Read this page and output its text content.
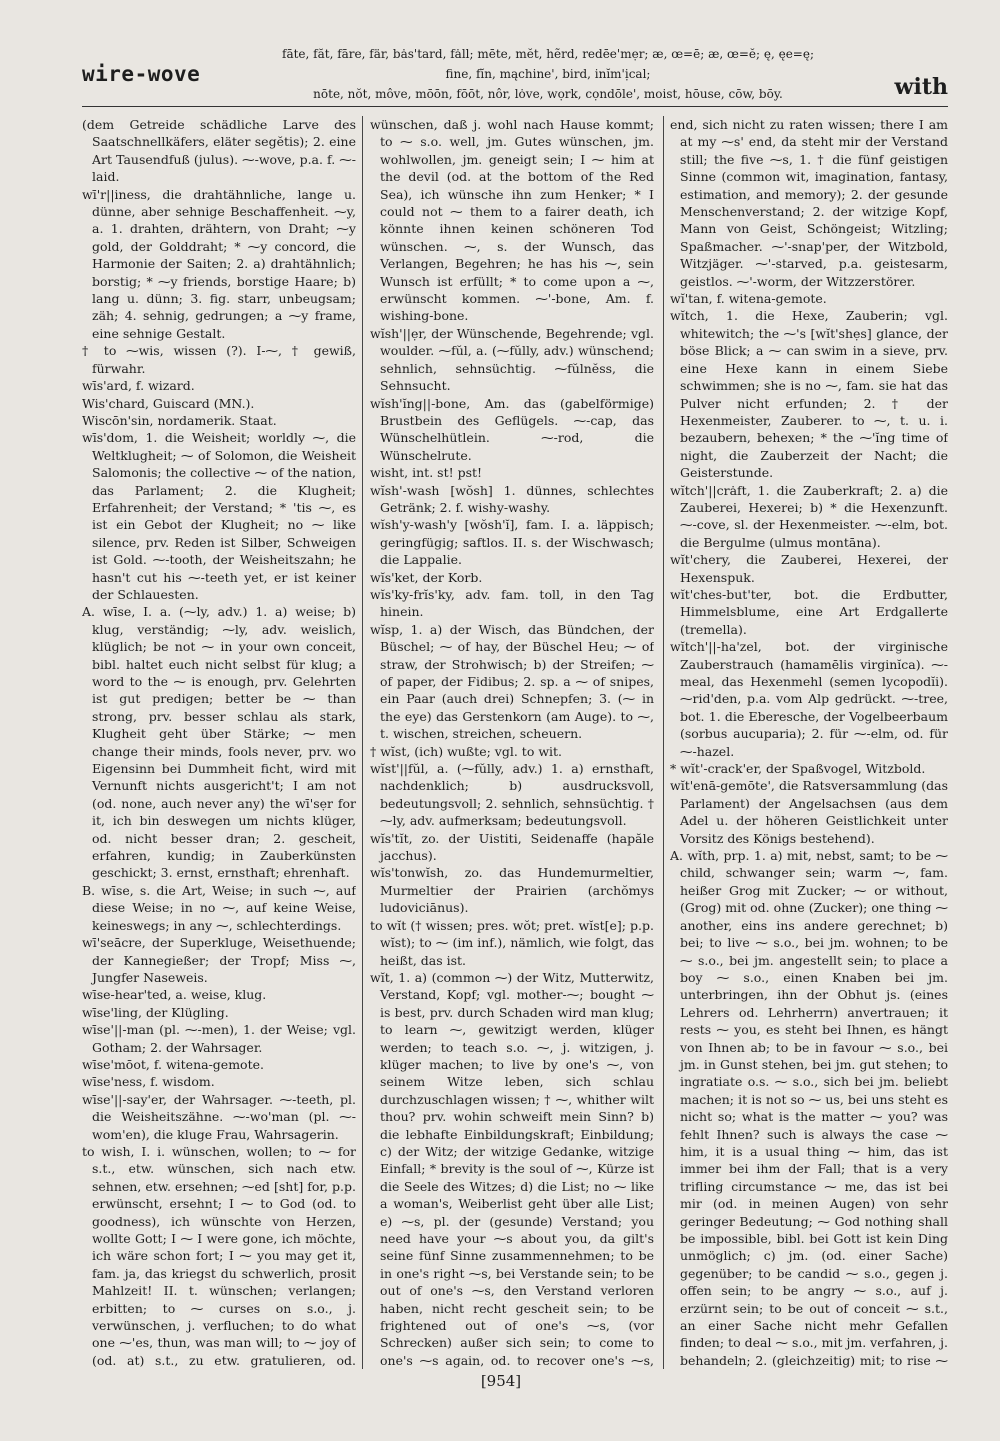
wire-wove
fāte, făt, fāre, fär, bȧs'tard, fȧll; mēte, mĕt, hẽrd, redēe'mẹr; æ, œ=ē; æ, œ=ĕ; ę, ęe=ę;
fine, fĭn, mąchine', bird, inĭm'ịcal;
nōte, nŏt, môve, mōōn, fōōt, nôr, lȯve, wọrk, cọndōle', moist, hōuse, cōw, bōy.	with
(dem Getreide schädliche Larve des Saatschnellkäfers, eläter segĕtis); 2. eine Art Tausendfuß (julus). ⁓-wove, p.a. f. ⁓-laid.
wī'r||iness, die drahtähnliche, lange u. dünne, aber sehnige Beschaffenheit. ⁓y, a. 1. drahten, drähtern, von Draht; ⁓y gold, der Golddraht; * ⁓y concord, die Harmonie der Saiten; 2. a) drahtähnlich; borstig; * ⁓y friends, borstige Haare; b) lang u. dünn; 3. fig. starr, unbeugsam; zäh; 4. sehnig, gedrungen; a ⁓y frame, eine sehnige Gestalt.
† to ⁓wis, wissen (?). I-⁓, † gewiß, fürwahr.
wīs'ard, f. wizard.
Wis'chard, Guiscard (MN.).
Wiscōn'sin, nordamerik. Staat.
wīs'dom, 1. die Weisheit; worldly ⁓, die Weltklugheit; ⁓ of Solomon, die Weisheit Salomonis; the collective ⁓ of the nation, das Parlament; 2. die Klugheit; Erfahrenheit; der Verstand; * 'tis ⁓, es ist ein Gebot der Klugheit; no ⁓ like silence, prv. Reden ist Silber, Schweigen ist Gold. ⁓-tooth, der Weisheitszahn; he hasn't cut his ⁓-teeth yet, er ist keiner der Schlauesten.
A. wīse, I. a. (⁓ly, adv.) 1. a) weise; b) klug, verständig; ⁓ly, adv. weislich, klüglich; be not ⁓ in your own conceit, bibl. haltet euch nicht selbst für klug; a word to the ⁓ is enough, prv. Gelehrten ist gut predigen; better be ⁓ than strong, prv. besser schlau als stark, Klugheit geht über Stärke; ⁓ men change their minds, fools never, prv. wo Eigensinn bei Dummheit ficht, wird mit Vernunft nichts ausgericht't; I am not (od. none, auch never any) the wī'sẹr for it, ich bin deswegen um nichts klüger, od. nicht besser dran; 2. gescheit, erfahren, kundig; in Zauberkünsten geschickt; 3. ernst, ernsthaft; ehrenhaft.
B. wīse, s. die Art, Weise; in such ⁓, auf diese Weise; in no ⁓, auf keine Weise, keineswegs; in any ⁓, schlechterdings.
wī'seācre, der Superkluge, Weisethuende; der Kannegießer; der Tropf; Miss ⁓, Jungfer Naseweis.
wīse-hear'ted, a. weise, klug.
wīse'ling, der Klügling.
wīse'||-man (pl. ⁓-men), 1. der Weise; vgl. Gotham; 2. der Wahrsager.
wīse'mōot, f. witena-gemote.
wīse'ness, f. wisdom.
wīse'||-say'er, der Wahrsager. ⁓-teeth, pl. die Weisheitszähne. ⁓-wo'man (pl. ⁓-wom'en), die kluge Frau, Wahrsagerin.
to wish, I. i. wünschen, wollen; to ⁓ for s.t., etw. wünschen, sich nach etw. sehnen, etw. ersehnen; ⁓ed [sht] for, p.p. erwünscht, ersehnt; I ⁓ to God (od. to goodness), ich wünschte von Herzen, wollte Gott; I ⁓ I were gone, ich möchte, ich wäre schon fort; I ⁓ you may get it, fam. ja, das kriegst du schwerlich, prosit Mahlzeit! II. t. wünschen; verlangen; erbitten; to ⁓ curses on s.o., j. verwünschen, j. verfluchen; to do what one ⁓'es, thun, was man will; to ⁓ joy of (od. at) s.t., zu etw. gratulieren, od.
wünschen, daß j. wohl nach Hause kommt; to ⁓ s.o. well, jm. Gutes wünschen, jm. wohlwollen, jm. geneigt sein; I ⁓ him at the devil (od. at the bottom of the Red Sea), ich wünsche ihn zum Henker; * I could not ⁓ them to a fairer death, ich könnte ihnen keinen schöneren Tod wünschen. ⁓, s. der Wunsch, das Verlangen, Begehren; he has his ⁓, sein Wunsch ist erfüllt; * to come upon a ⁓, erwünscht kommen. ⁓'-bone, Am. f. wishing-bone.
wĭsh'||ẹr, der Wünschende, Begehrende; vgl. woulder. ⁓fŭl, a. (⁓fŭlly, adv.) wünschend; sehnlich, sehnsüchtig. ⁓fŭlnĕss, die Sehnsucht.
wĭsh'ĭng||-bone, Am. das (gabelförmige) Brustbein des Geflügels. ⁓-cap, das Wünschelhütlein. ⁓-rod, die Wünschelrute.
wisht, int. st! pst!
wĭsh'-wash [wŏsh] 1. dünnes, schlechtes Getränk; 2. f. wishy-washy.
wĭsh'y-wash'y [wŏsh'ĭ], fam. I. a. läppisch; geringfügig; saftlos. II. s. der Wischwasch; die Lappalie.
wĭs'ket, der Korb.
wĭs'ky-frĭs'ky, adv. fam. toll, in den Tag hinein.
wĭsp, 1. a) der Wisch, das Bündchen, der Büschel; ⁓ of hay, der Büschel Heu; ⁓ of straw, der Strohwisch; b) der Streifen; ⁓ of paper, der Fidibus; 2. sp. a ⁓ of snipes, ein Paar (auch drei) Schnepfen; 3. (⁓ in the eye) das Gerstenkorn (am Auge). to ⁓, t. wischen, streichen, scheuern.
† wĭst, (ich) wußte; vgl. to wit.
wĭst'||fŭl, a. (⁓fŭlly, adv.) 1. a) ernsthaft, nachdenklich; b) ausdrucksvoll, bedeutungsvoll; 2. sehnlich, sehnsüchtig. † ⁓ly, adv. aufmerksam; bedeutungsvoll.
wĭs'tĭt, zo. der Uistiti, Seidenaffe (hapăle jacchus).
wĭs'tonwĭsh, zo. das Hundemurmeltier, Murmeltier der Prairien (archŏmys ludoviciānus).
to wĭt († wissen; pres. wŏt; pret. wĭst[e]; p.p. wĭst); to ⁓ (im inf.), nämlich, wie folgt, das heißt, das ist.
wĭt, 1. a) (common ⁓) der Witz, Mutterwitz, Verstand, Kopf; vgl. mother-⁓; bought ⁓ is best, prv. durch Schaden wird man klug; to learn ⁓, gewitzigt werden, klüger werden; to teach s.o. ⁓, j. witzigen, j. klüger machen; to live by one's ⁓, von seinem Witze leben, sich schlau durchzuschlagen wissen; † ⁓, whither wilt thou? prv. wohin schweift mein Sinn? b) die lebhafte Einbildungskraft; Einbildung; c) der Witz; der witzige Gedanke, witzige Einfall; * brevity is the soul of ⁓, Kürze ist die Seele des Witzes; d) die List; no ⁓ like a woman's, Weiberlist geht über alle List; e) ⁓s, pl. der (gesunde) Verstand; you need have your ⁓s about you, da gilt's seine fünf Sinne zusammennehmen; to be in one's right ⁓s, bei Verstande sein; to be out of one's ⁓s, den Verstand verloren haben, nicht recht gescheit sein; to be frightened out of one's ⁓s, (vor Schrecken) außer sich sein; to come to one's ⁓s again, od. to recover one's ⁓s,
end, sich nicht zu raten wissen; there I am at my ⁓s' end, da steht mir der Verstand still; the five ⁓s, 1. † die fünf geistigen Sinne (common wit, imagination, fantasy, estimation, and memory); 2. der gesunde Menschenverstand; 2. der witzige Kopf, Mann von Geist, Schöngeist; Witzling; Spaßmacher. ⁓'-snap'per, der Witzbold, Witzjäger. ⁓'-starved, p.a. geistesarm, geistlos. ⁓'-worm, der Witzzerstörer.
wĭ'tan, f. witena-gemote.
wĭtch, 1. die Hexe, Zauberin; vgl. whitewitch; the ⁓'s [wĭt'shẹs] glance, der böse Blick; a ⁓ can swim in a sieve, prv. eine Hexe kann in einem Siebe schwimmen; she is no ⁓, fam. sie hat das Pulver nicht erfunden; 2. † der Hexenmeister, Zauberer. to ⁓, t. u. i. bezaubern, behexen; * the ⁓'ĭng time of night, die Zauberzeit der Nacht; die Geisterstunde.
wĭtch'||crȧft, 1. die Zauberkraft; 2. a) die Zauberei, Hexerei; b) * die Hexenzunft. ⁓-cove, sl. der Hexenmeister. ⁓-elm, bot. die Bergulme (ulmus montāna).
wĭt'chery, die Zauberei, Hexerei, der Hexenspuk.
wĭt'ches-but'ter, bot. die Erdbutter, Himmelsblume, eine Art Erdgallerte (tremella).
wĭtch'||-ha'zel, bot. der virginische Zauberstrauch (hamamēlis virginĭca). ⁓-meal, das Hexenmehl (semen lycopodĭi). ⁓rid'den, p.a. vom Alp gedrückt. ⁓-tree, bot. 1. die Eberesche, der Vogelbeerbaum (sorbus aucuparia); 2. für ⁓-elm, od. für ⁓-hazel.
* wĭt'-crack'er, der Spaßvogel, Witzbold.
wĭt'enā-gemōte', die Ratsversammlung (das Parlament) der Angelsachsen (aus dem Adel u. der höheren Geistlichkeit unter Vorsitz des Königs bestehend).
A. wĭth, prp. 1. a) mit, nebst, samt; to be ⁓ child, schwanger sein; warm ⁓, fam. heißer Grog mit Zucker; ⁓ or without, (Grog) mit od. ohne (Zucker); one thing ⁓ another, eins ins andere gerechnet; b) bei; to live ⁓ s.o., bei jm. wohnen; to be ⁓ s.o., bei jm. angestellt sein; to place a boy ⁓ s.o., einen Knaben bei jm. unterbringen, ihn der Obhut js. (eines Lehrers od. Lehrherrn) anvertrauen; it rests ⁓ you, es steht bei Ihnen, es hängt von Ihnen ab; to be in favour ⁓ s.o., bei jm. in Gunst stehen, bei jm. gut stehen; to ingratiate o.s. ⁓ s.o., sich bei jm. beliebt machen; it is not so ⁓ us, bei uns steht es nicht so; what is the matter ⁓ you? was fehlt Ihnen? such is always the case ⁓ him, it is a usual thing ⁓ him, das ist immer bei ihm der Fall; that is a very trifling circumstance ⁓ me, das ist bei mir (od. in meinen Augen) von sehr geringer Bedeutung; ⁓ God nothing shall be impossible, bibl. bei Gott ist kein Ding unmöglich; c) jm. (od. einer Sache) gegenüber; to be candid ⁓ s.o., gegen j. offen sein; to be angry ⁓ s.o., auf j. erzürnt sein; to be out of conceit ⁓ s.t., an einer Sache nicht mehr Gefallen finden; to deal ⁓ s.o., mit jm. verfahren, j. behandeln; 2. (gleichzeitig) mit; to rise ⁓
[954]
